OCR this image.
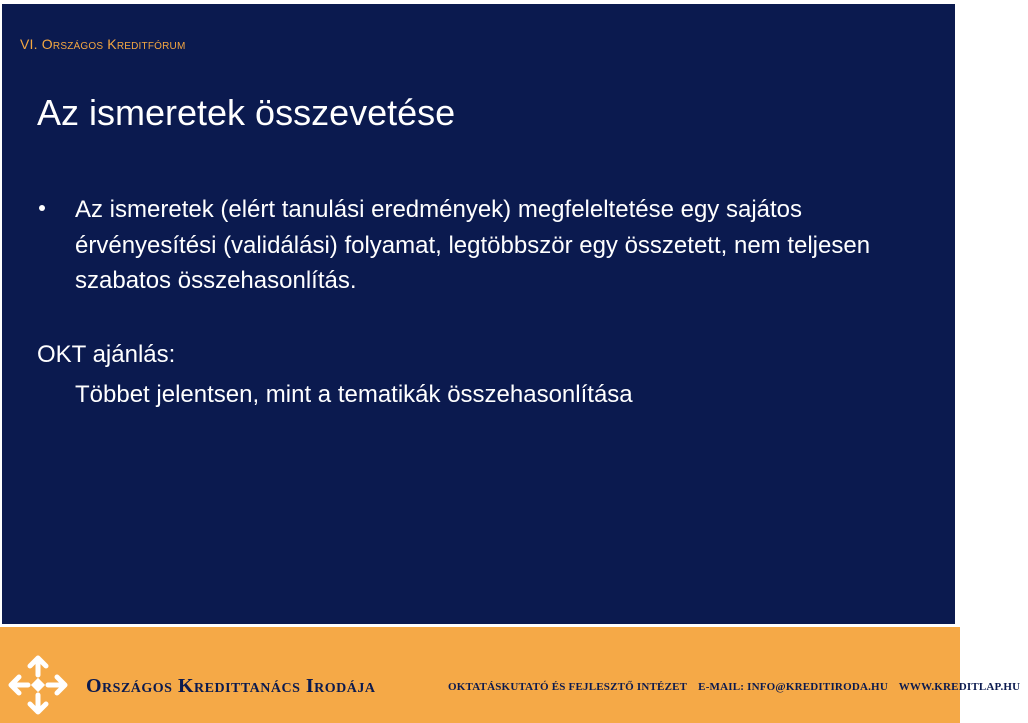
VI. Országos Kreditfórum
Az ismeretek összevetése
Az ismeretek (elért tanulási eredmények) megfeleltetése egy sajátos érvényesítési (validálási) folyamat, legtöbbször egy összetett, nem teljesen szabatos összehasonlítás.
OKT ajánlás:
Többet jelentsen, mint a tematikák összehasonlítása
Országos Kredittanács Irodája	OKTATÁSKUTATÓ ÉS FEJLESZTŐ INTÉZET E-MAIL: INFO@KREDITIRODA.HU WWW.KREDITLAP.HU
